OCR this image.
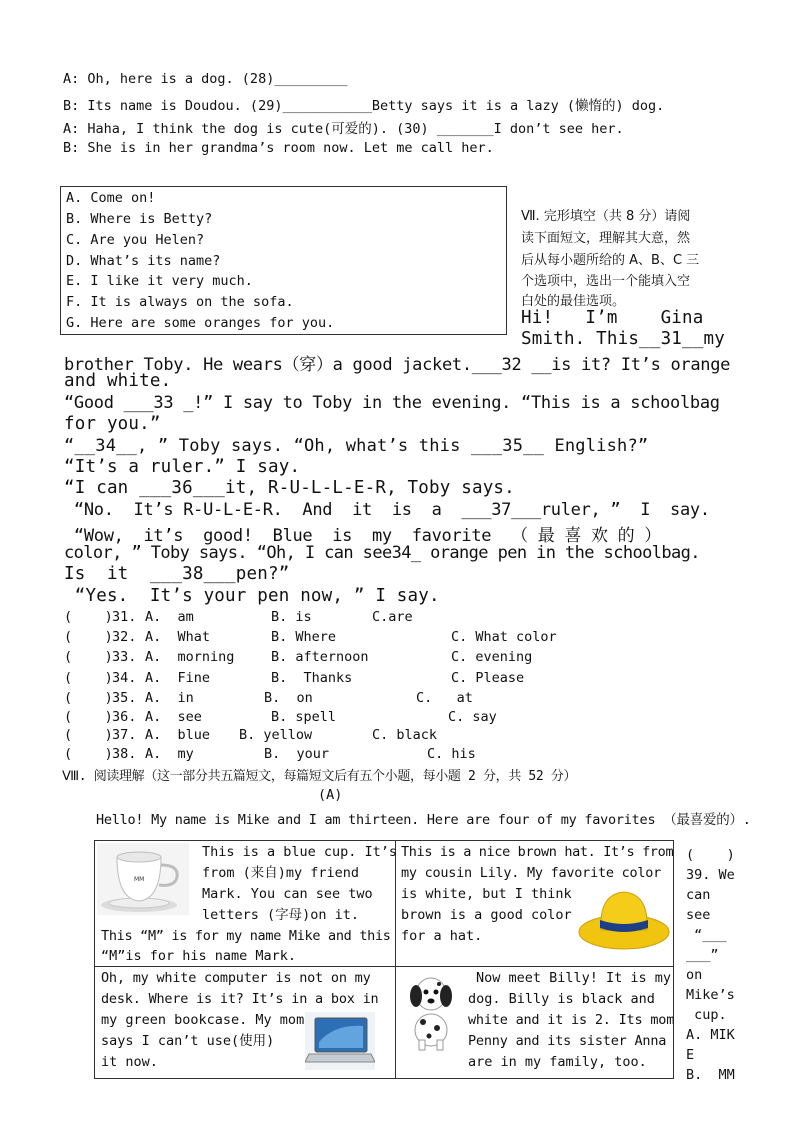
A: Oh, here is a dog. (28)_________
B: Its name is Doudou. (29)___________Betty says it is a lazy (懒惰的) dog.
A: Haha, I think the dog is cute(可爱的). (30) _______I don’t see her.
B: She is in her grandma’s room now. Let me call her.
A. Come on!
B. Where is Betty?
C. Are you Helen?
D. What’s its name?
E. I like it very much.
F. It is always on the sofa.
G. Here are some oranges for you.
Ⅶ. 完形填空（共 8 分）请阅
读下面短文，理解其大意，然
后从每小题所给的 A、B、C 三
个选项中，选出一个能填入空
白处的最佳选项。
Hi!   I’m    Gina
Smith. This__31__my
brother Toby. He wears（穿）a good jacket.___32 __is it? It’s orange
and white.
“Good ___33 _!” I say to Toby in the evening. “This is a schoolbag
for you.”
“__34__, ” Toby says. “Oh, what’s this ___35__ English?”
“It’s a ruler.” I say.
“I can ___36___it, R-U-L-L-E-R, Toby says.
“No.  It’s R-U-L-E-R.  And  it  is  a  ___37___ruler, ”  I  say.
“Wow,  it’s  good!  Blue  is  my  favorite  （ 最 喜 欢 的 ）
color, ” Toby says. “Oh, I can see34_ orange pen in the schoolbag.
Is  it  ___38___pen?”
“Yes.  It’s your pen now, ” I say.
(    ) 31. A.  am	B. is	C.are
(    ) 32. A.  What	B. Where	C. What color
(    ) 33. A.  morning	B. afternoon	C. evening
(    ) 34. A.  Fine	B.  Thanks	C. Please
(    ) 35. A.  in	B.  on	C.   at
(    ) 36. A.  see	B. spell	C. say
(    ) 37. A.  blue B. yellow	C. black
(    ) 38. A.  my	B.  your	C. his
Ⅷ. 阅读理解（这一部分共五篇短文，每篇短文后有五个小题，每小题 2 分，共 52 分）
(A)
Hello! My name is Mike and I am thirteen. Here are four of my favorites （最喜爱的）.
MM
This is a blue cup. It’s
from (来自)my friend
Mark. You can see two
letters (字母)on it.
This “M” is for my name Mike and this
“M”is for his name Mark.
This is a nice brown hat. It’s from
my cousin Lily. My favorite color
is white, but I think
brown is a good color
for a hat.
Oh, my white computer is not on my
desk. Where is it? It’s in a box in
my green bookcase. My mom
says I can’t use(使用)
it now.
Now meet Billy! It is my
dog. Billy is black and
white and it is 2. Its mom
Penny and its sister Anna
are in my family, too.
(    )
39. We
can
see
“___
___”
on
Mike’s
cup.
A. MIK
E
B.  MM
